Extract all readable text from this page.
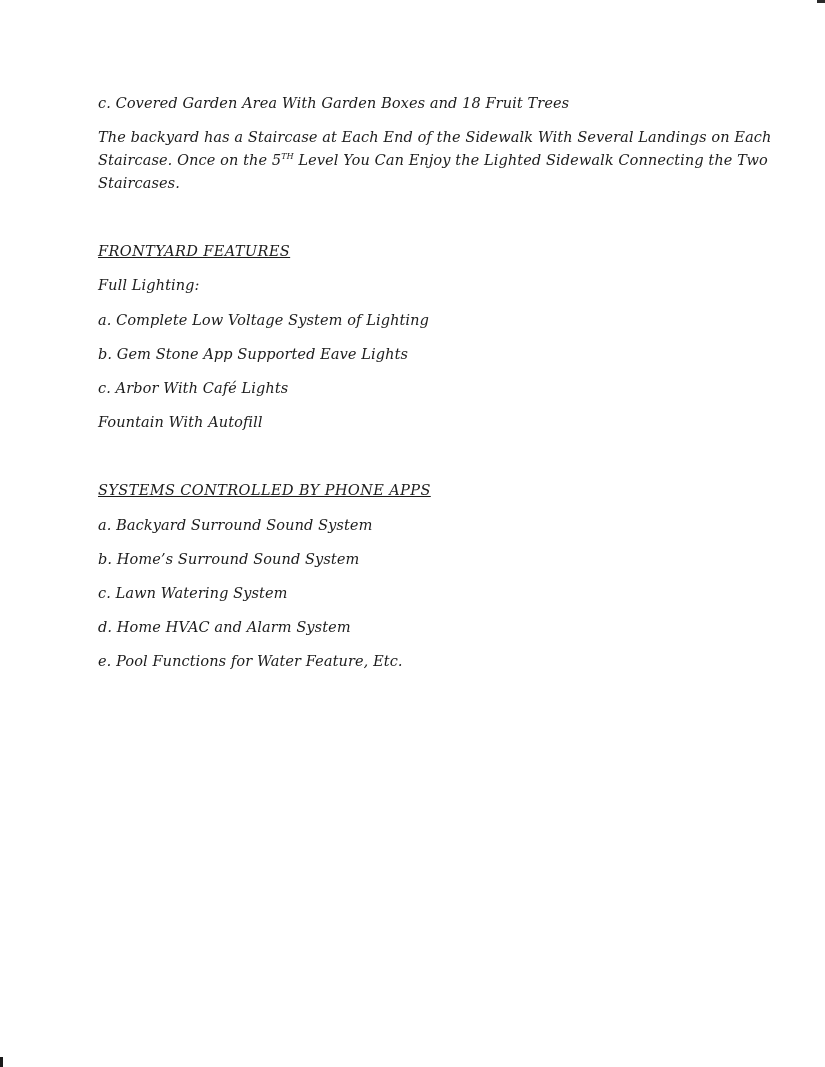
c. Covered Garden Area With Garden Boxes and 18 Fruit Trees
The backyard has a Staircase at Each End of the Sidewalk With Several Landings on Each
Staircase. Once on the 5TH Level You Can Enjoy the Lighted Sidewalk Connecting the Two
Staircases.
FRONTYARD FEATURES
Full Lighting:
a. Complete Low Voltage System of Lighting
b. Gem Stone App Supported Eave Lights
c. Arbor With Café Lights
Fountain With Autofill
SYSTEMS CONTROLLED BY PHONE APPS
a. Backyard Surround Sound System
b. Home’s Surround Sound System
c. Lawn Watering System
d. Home HVAC and Alarm System
e. Pool Functions for Water Feature, Etc.
